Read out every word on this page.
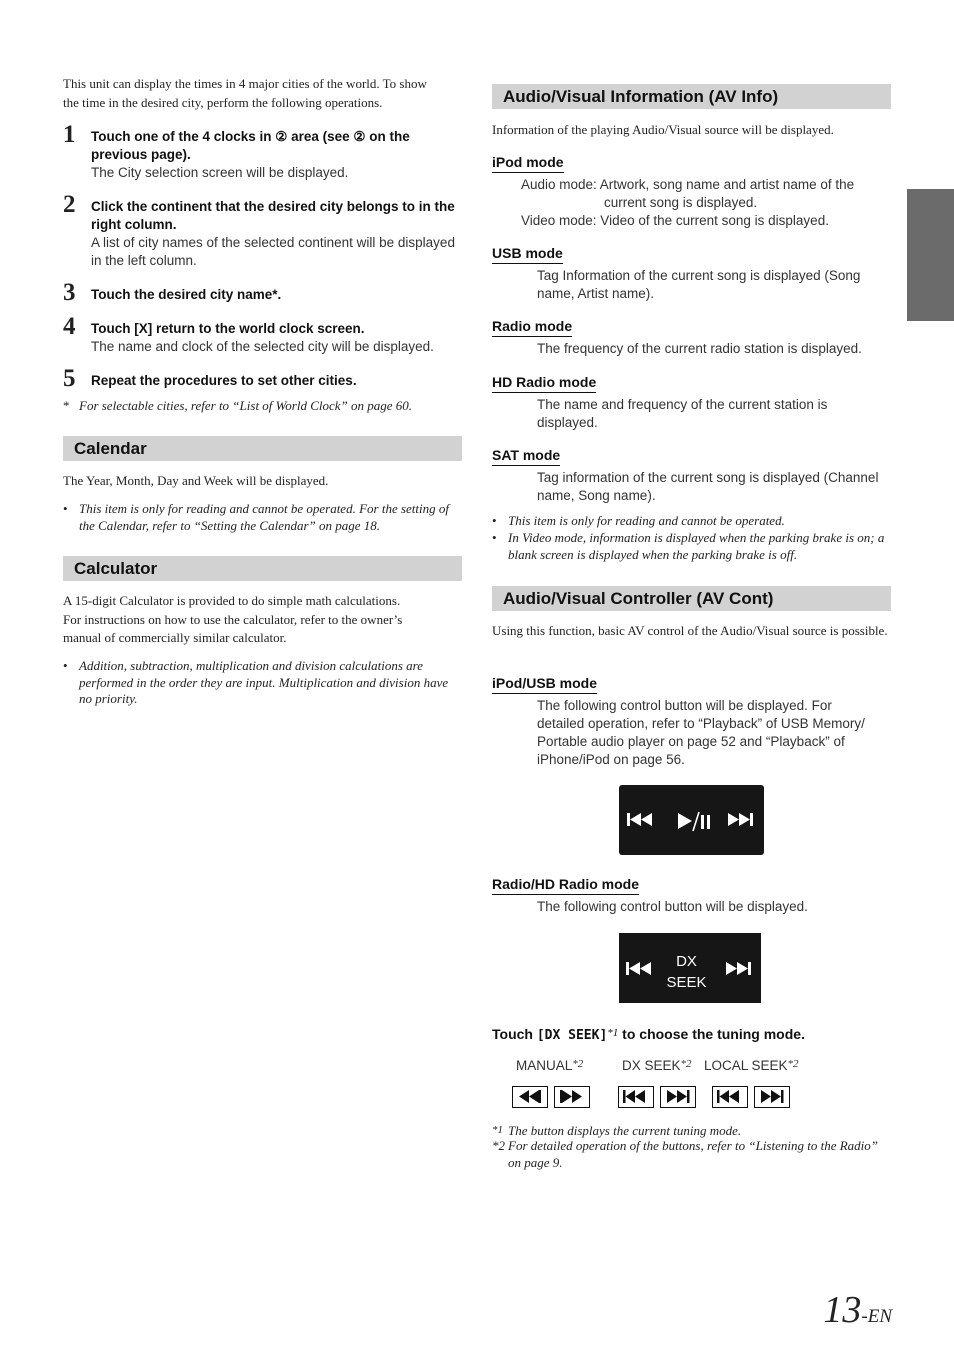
This unit can display the times in 4 major cities of the world. To show
the time in the desired city, perform the following operations.
1 Touch one of the 4 clocks in ② area (see ② on the previous page).
The City selection screen will be displayed.
2 Click the continent that the desired city belongs to in the right column.
A list of city names of the selected continent will be displayed in the left column.
3 Touch the desired city name*.
4 Touch [X] return to the world clock screen.
The name and clock of the selected city will be displayed.
5 Repeat the procedures to set other cities.
* For selectable cities, refer to “List of World Clock” on page 60.
Calendar
The Year, Month, Day and Week will be displayed.
• This item is only for reading and cannot be operated. For the setting of the Calendar, refer to “Setting the Calendar” on page 18.
Calculator
A 15-digit Calculator is provided to do simple math calculations.
For instructions on how to use the calculator, refer to the owner’s
manual of commercially similar calculator.
• Addition, subtraction, multiplication and division calculations are performed in the order they are input. Multiplication and division have no priority.
Audio/Visual Information (AV Info)
Information of the playing Audio/Visual source will be displayed.
iPod mode
Audio mode: Artwork, song name and artist name of the
current song is displayed.
Video mode: Video of the current song is displayed.
USB mode
Tag Information of the current song is displayed (Song name, Artist name).
Radio mode
The frequency of the current radio station is displayed.
HD Radio mode
The name and frequency of the current station is displayed.
SAT mode
Tag information of the current song is displayed (Channel name, Song name).
• This item is only for reading and cannot be operated.
• In Video mode, information is displayed when the parking brake is on; a blank screen is displayed when the parking brake is off.
Audio/Visual Controller (AV Cont)
Using this function, basic AV control of the Audio/Visual source is possible.
iPod/USB mode
The following control button will be displayed. For detailed operation, refer to “Playback” of USB Memory/ Portable audio player on page 52 and “Playback” of iPhone/iPod on page 56.
Radio/HD Radio mode
The following control button will be displayed.
DX
SEEK
Touch [DX SEEK]$^{*1}$ to choose the tuning mode.
MANUAL$^{*2}$	DX SEEK$^{*2}$ LOCAL SEEK$^{*2}$
*1 The button displays the current tuning mode.
*2 For detailed operation of the buttons, refer to “Listening to the Radio” on page 9.
13-EN
